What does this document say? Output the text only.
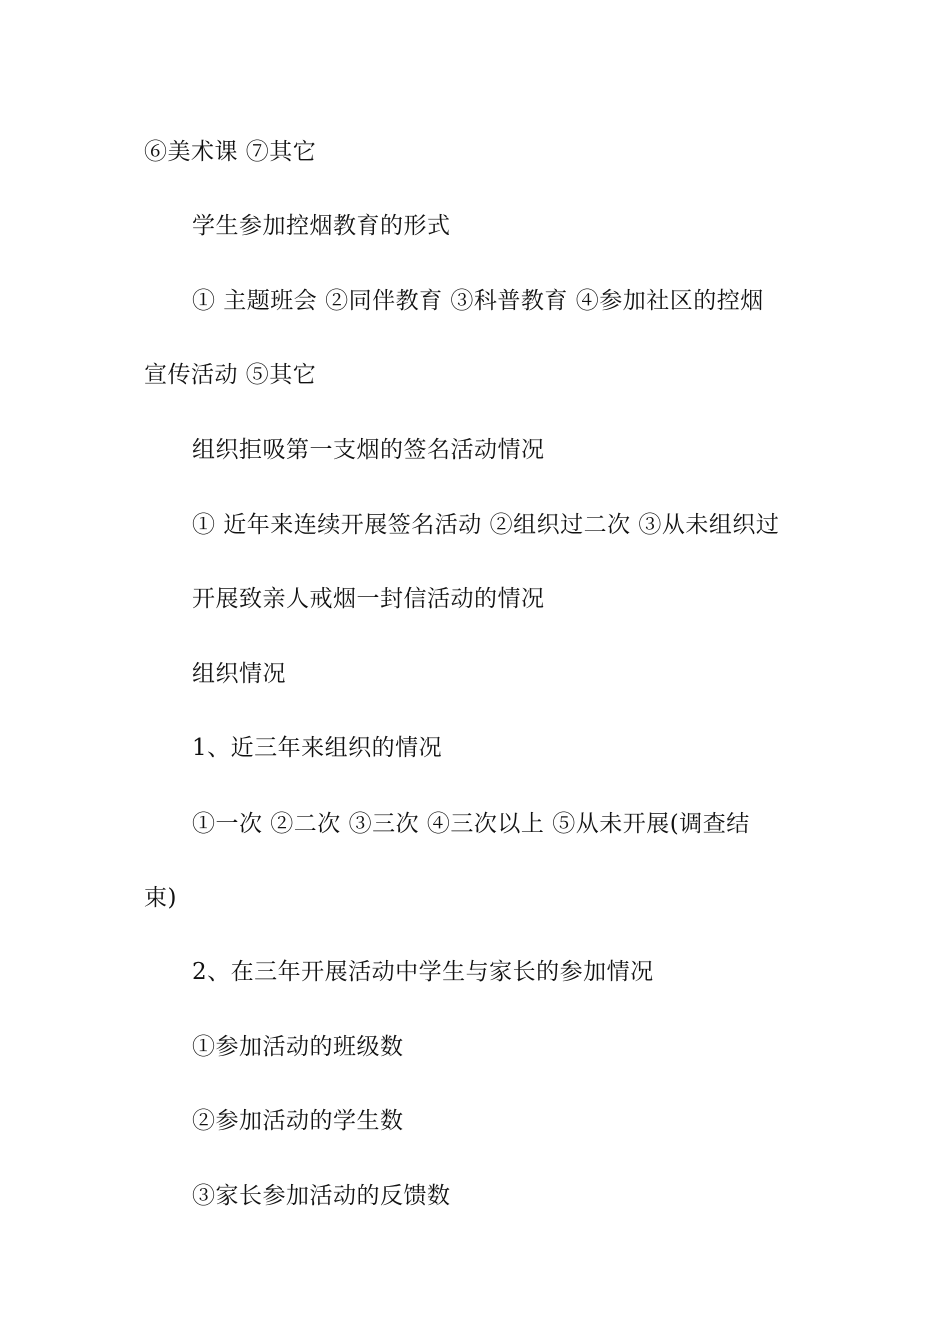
⑥美术课 ⑦其它
学生参加控烟教育的形式
① 主题班会 ②同伴教育 ③科普教育 ④参加社区的控烟
宣传活动 ⑤其它
组织拒吸第一支烟的签名活动情况
① 近年来连续开展签名活动 ②组织过二次 ③从未组织过
开展致亲人戒烟一封信活动的情况
组织情况
1、近三年来组织的情况
①一次 ②二次 ③三次 ④三次以上 ⑤从未开展(调查结
束)
2、在三年开展活动中学生与家长的参加情况
①参加活动的班级数
②参加活动的学生数
③家长参加活动的反馈数
